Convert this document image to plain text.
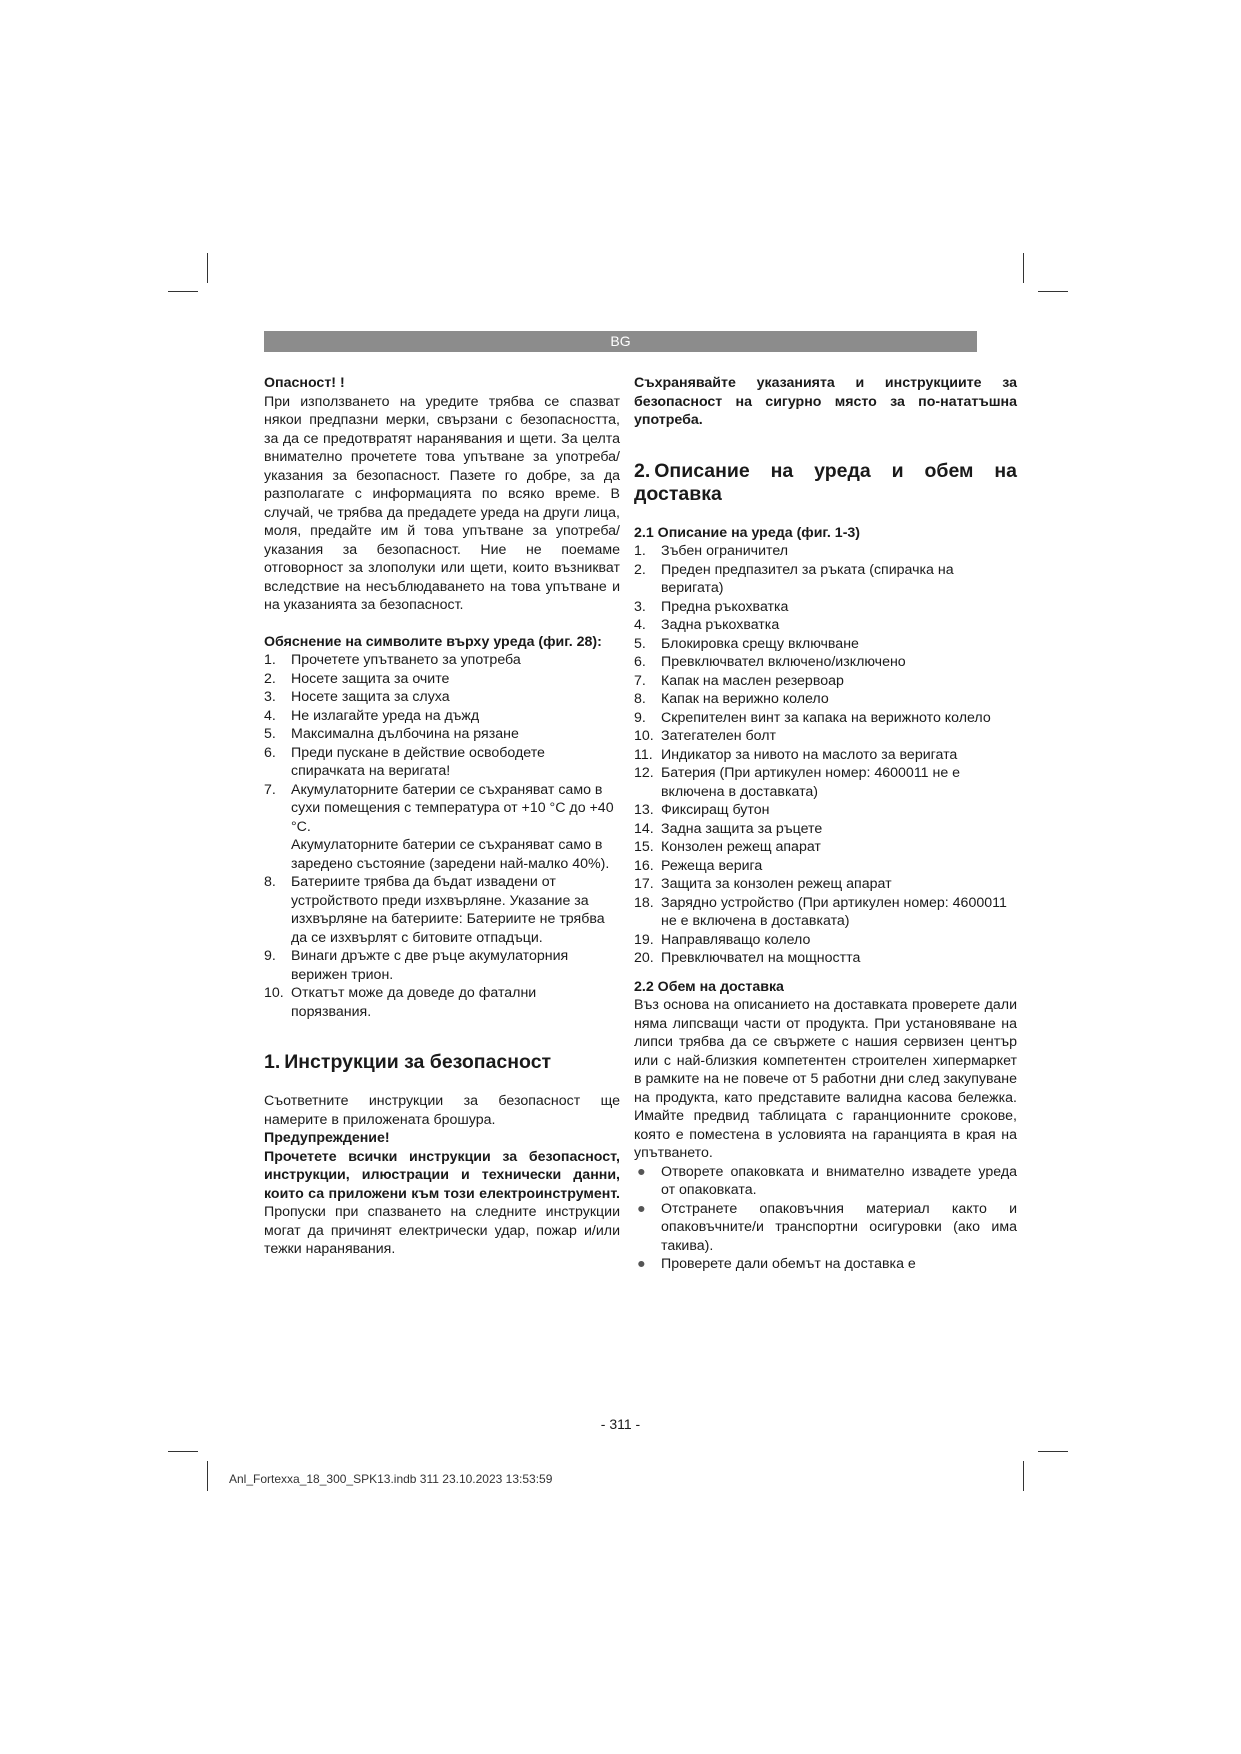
BG

Опасност! !

При използването на уредите трябва се спазват някои предпазни мерки, свързани с безопасността, за да се предотвратят наранявания и щети. За целта внимателно прочетете това упътване за употреба/ указания за безопасност. Пазете го добре, за да разполагате с информацията по всяко време. В случай, че трябва да предадете уреда на други лица, моля, предайте им й това упътване за употреба/указания за безопасност. Ние не поемаме отговорност за злополуки или щети, които възникват вследствие на несъблюдаването на това упътване и на указанията за безопасност.

Обяснение на символите върху уреда (фиг. 28):

1. Прочетете упътването за употреба
2. Носете защита за очите
3. Носете защита за слуха
4. Не излагайте уреда на дъжд
5. Максимална дълбочина на рязане
6. Преди пускане в действие освободете спирачката на веригата!
7. Акумулаторните батерии се съхраняват само в сухи помещения с температура от +10 °C до +40 °C.
Акумулаторните батерии се съхраняват само в заредено състояние (заредени най-малко 40%).
8. Батериите трябва да бъдат извадени от устройството преди изхвърляне. Указание за изхвърляне на батериите: Батериите не трябва да се изхвърлят с битовите отпадъци.
9. Винаги дръжте с две ръце акумулаторния верижен трион.
10. Откатът може да доведе до фатални порязвания.

1. Инструкции за безопасност

Съответните инструкции за безопасност ще намерите в приложената брошура.

Предупреждение!

Прочетете всички инструкции за безопасност, инструкции, илюстрации и технически данни, които са приложени към този електроинструмент. Пропуски при спазването на следните инструкции могат да причинят електрически удар, пожар и/или тежки наранявания.

Съхранявайте указанията и инструкциите за безопасност на сигурно място за по-нататъшна употреба.

2. Описание на уреда и обем на доставка

2.1 Описание на уреда (фиг. 1-3)

1. Зъбен ограничител
2. Преден предпазител за ръката (спирачка на веригата)
3. Предна ръкохватка
4. Задна ръкохватка
5. Блокировка срещу включване
6. Превключвател включено/изключено
7. Капак на маслен резервоар
8. Капак на верижно колело
9. Скрепителен винт за капака на верижното колело
10. Затегателен болт
11. Индикатор за нивото на маслото за веригата
12. Батерия (При артикулен номер: 4600011 не е включена в доставката)
13. Фиксиращ бутон
14. Задна защита за ръцете
15. Конзолен режещ апарат
16. Режеща верига
17. Защита за конзолен режещ апарат
18. Зарядно устройство (При артикулен номер: 4600011 не е включена в доставката)
19. Направляващо колело
20. Превключвател на мощността

2.2 Обем на доставка

Въз основа на описанието на доставката проверете дали няма липсващи части от продукта. При установяване на липси трябва да се свържете с нашия сервизен център или с най-близкия компетентен строителен хипермаркет в рамките на не повече от 5 работни дни след закупуване на продукта, като представите валидна касова бележка. Имайте предвид таблицата с гаранционните срокове, която е поместена в условията на гаранцията в края на упътването.

● Отворете опаковката и внимателно извадете уреда от опаковката.
● Отстранете опаковъчния материал както и опаковъчните/и транспортни осигуровки (ако има такива).
● Проверете дали обемът на доставка е
- 311 -
Anl_Fortexxa_18_300_SPK13.indb 311 23.10.2023 13:53:59
